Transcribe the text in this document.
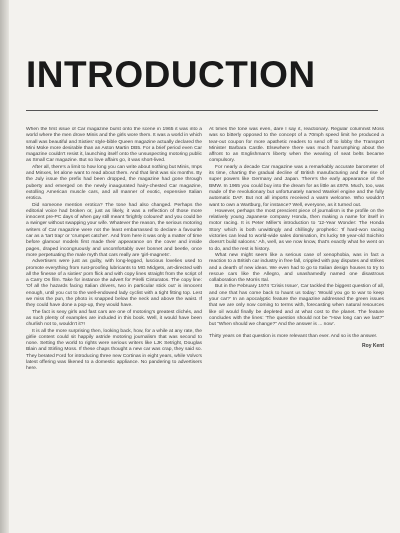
INTRODUCTION

When the first issue of Car magazine burst onto the scene in 1965 it was into a world where the men drove Minis and the girls wore them. It was a world in which small was beautiful and Sixties' style-bible Queen magazine actually declared the Mini Moke more desirable than an Aston Martin DB5. For a brief period even Car magazine couldn't resist it, launching itself onto the unsuspecting motoring public as Small Car magazine. But so love affairs go, it was short-lived.

After all, there's a limit to how long you can write about nothing but Minis, Imps and Minxes, let alone want to read about them. And that limit was six months. By the July issue the prefix had been dropped, the magazine had gone through puberty and emerged on the newly inaugurated hairy-chested Car magazine, extolling American muscle cars, and all manner of exotic, expensive Italian erotica.

Did someone mention erotica? The tone had also changed. Perhaps the editorial voice had broken or, just as likely, it was a reflection of those more innocent pre-PC days of when gay still meant 'brightly coloured' and you could be a swinger without swapping your wife. Whatever the reason, the serious motoring writers of Car magazine were not the least embarrassed to declare a favourite car as a 'tart trap' or 'crumpet catcher'. And from here it was only a matter of time before glamour models first made their appearance on the cover and inside pages, draped incongruously and uncomfortably over bonnet and beetle, once more perpetuating the male myth that cars really are 'girl-magnets'.

Advertisers were just as guilty, with long-legged, luscious lovelies used to promote everything from rust-proofing lubricants to MG Midgets, art-directed with all the finesse of a sixties' porn flick and with copy lines straight from the script of a Carry On film. Take for instance the advert for Pirelli Cinturatos. The copy line: 'Of all the hazards facing Italian drivers, two in particular stick out' is innocent enough, until you cut to the well-endowed lady cyclist with a tight fitting top. Lest we miss the pun, the photo is snapped below the neck and above the waist. If they could have done a pop-up, they would have.

The fact is sexy girls and fast cars are one of motoring's greatest clichés, and as such plenty of examples are included in this book. Well, it would have been churlish not to, wouldn't it?!

It is all the more surprising then, looking back, how, for a while at any rate, the girlie content could sit happily astride motoring journalism that was second to none. Setting the world to rights were serious writers like LJK Setright, Douglas Blain and Stirling Moss. If these chaps thought a new car was crap, they said so. They berated Ford for introducing three new Cortinas in eight years, while Volvo's latest offering was likened to a domestic appliance. No pandering to advertisers here.

At times the tone was even, dare I say it, reactionary. Regular columnist Moss was so bitterly opposed to the concept of a 70mph speed limit he produced a tear-out coupon for more apathetic readers to send off to lobby the Transport Minister Barbara Castle. Elsewhere there was much harrumphing about the affront to an Englishman's liberty when the wearing of seat belts became compulsory.

For nearly a decade Car magazine was a remarkably accurate barometer of its time, charting the gradual decline of British manufacturing and the rise of super powers like Germany and Japan. There's the early appearance of the BMW. In 1965 you could buy into the dream for as little as £979. Much, too, was made of the revolutionary but unfortunately named Wankel engine and the fully automatic DAF. But not all imports received a warm welcome. Who wouldn't want to own a Wartburg, for instance? Well, everyone, as it turned out.

However, perhaps the most prescient piece of journalism is the profile on the relatively young Japanese company Honda, then making a name for itself in motor racing. It is Peter Miller's introduction to '12-Year Wonder: The Honda Story' which is both unwittingly and chillingly prophetic: 'If hard-won racing victories can lead to world-wide sales domination, it's lucky 59 year-old Soichiro doesn't build saloons.' Ah, well, as we now know, that's exactly what he went on to do, and the rest is history.

What new might seem like a serious case of xenophobia, was in fact a reaction to a British car industry in free fall, crippled with pay disputes and strikes and a dearth of new ideas. We even had to go to Italian design houses to try to rescue cars like the Allegro, and unashamedly named one disastrous collaboration the Morris Ital.

But in the February 1974 'Crisis Issue', Car tackled the biggest question of all, and one that has come back to haunt us today: 'Would you go to war to keep your car?' In an apocalyptic feature the magazine addressed the green issues that we are only now coming to terms with, forecasting when natural resources like oil would finally be depleted and at what cost to the planet. The feature concludes with the lines: 'The question should not be "How long can we last?" but "When should we change?" And the answer is ... now'.

Thirty years on that question is more relevant than ever. And so is the answer.

Roy Kent
